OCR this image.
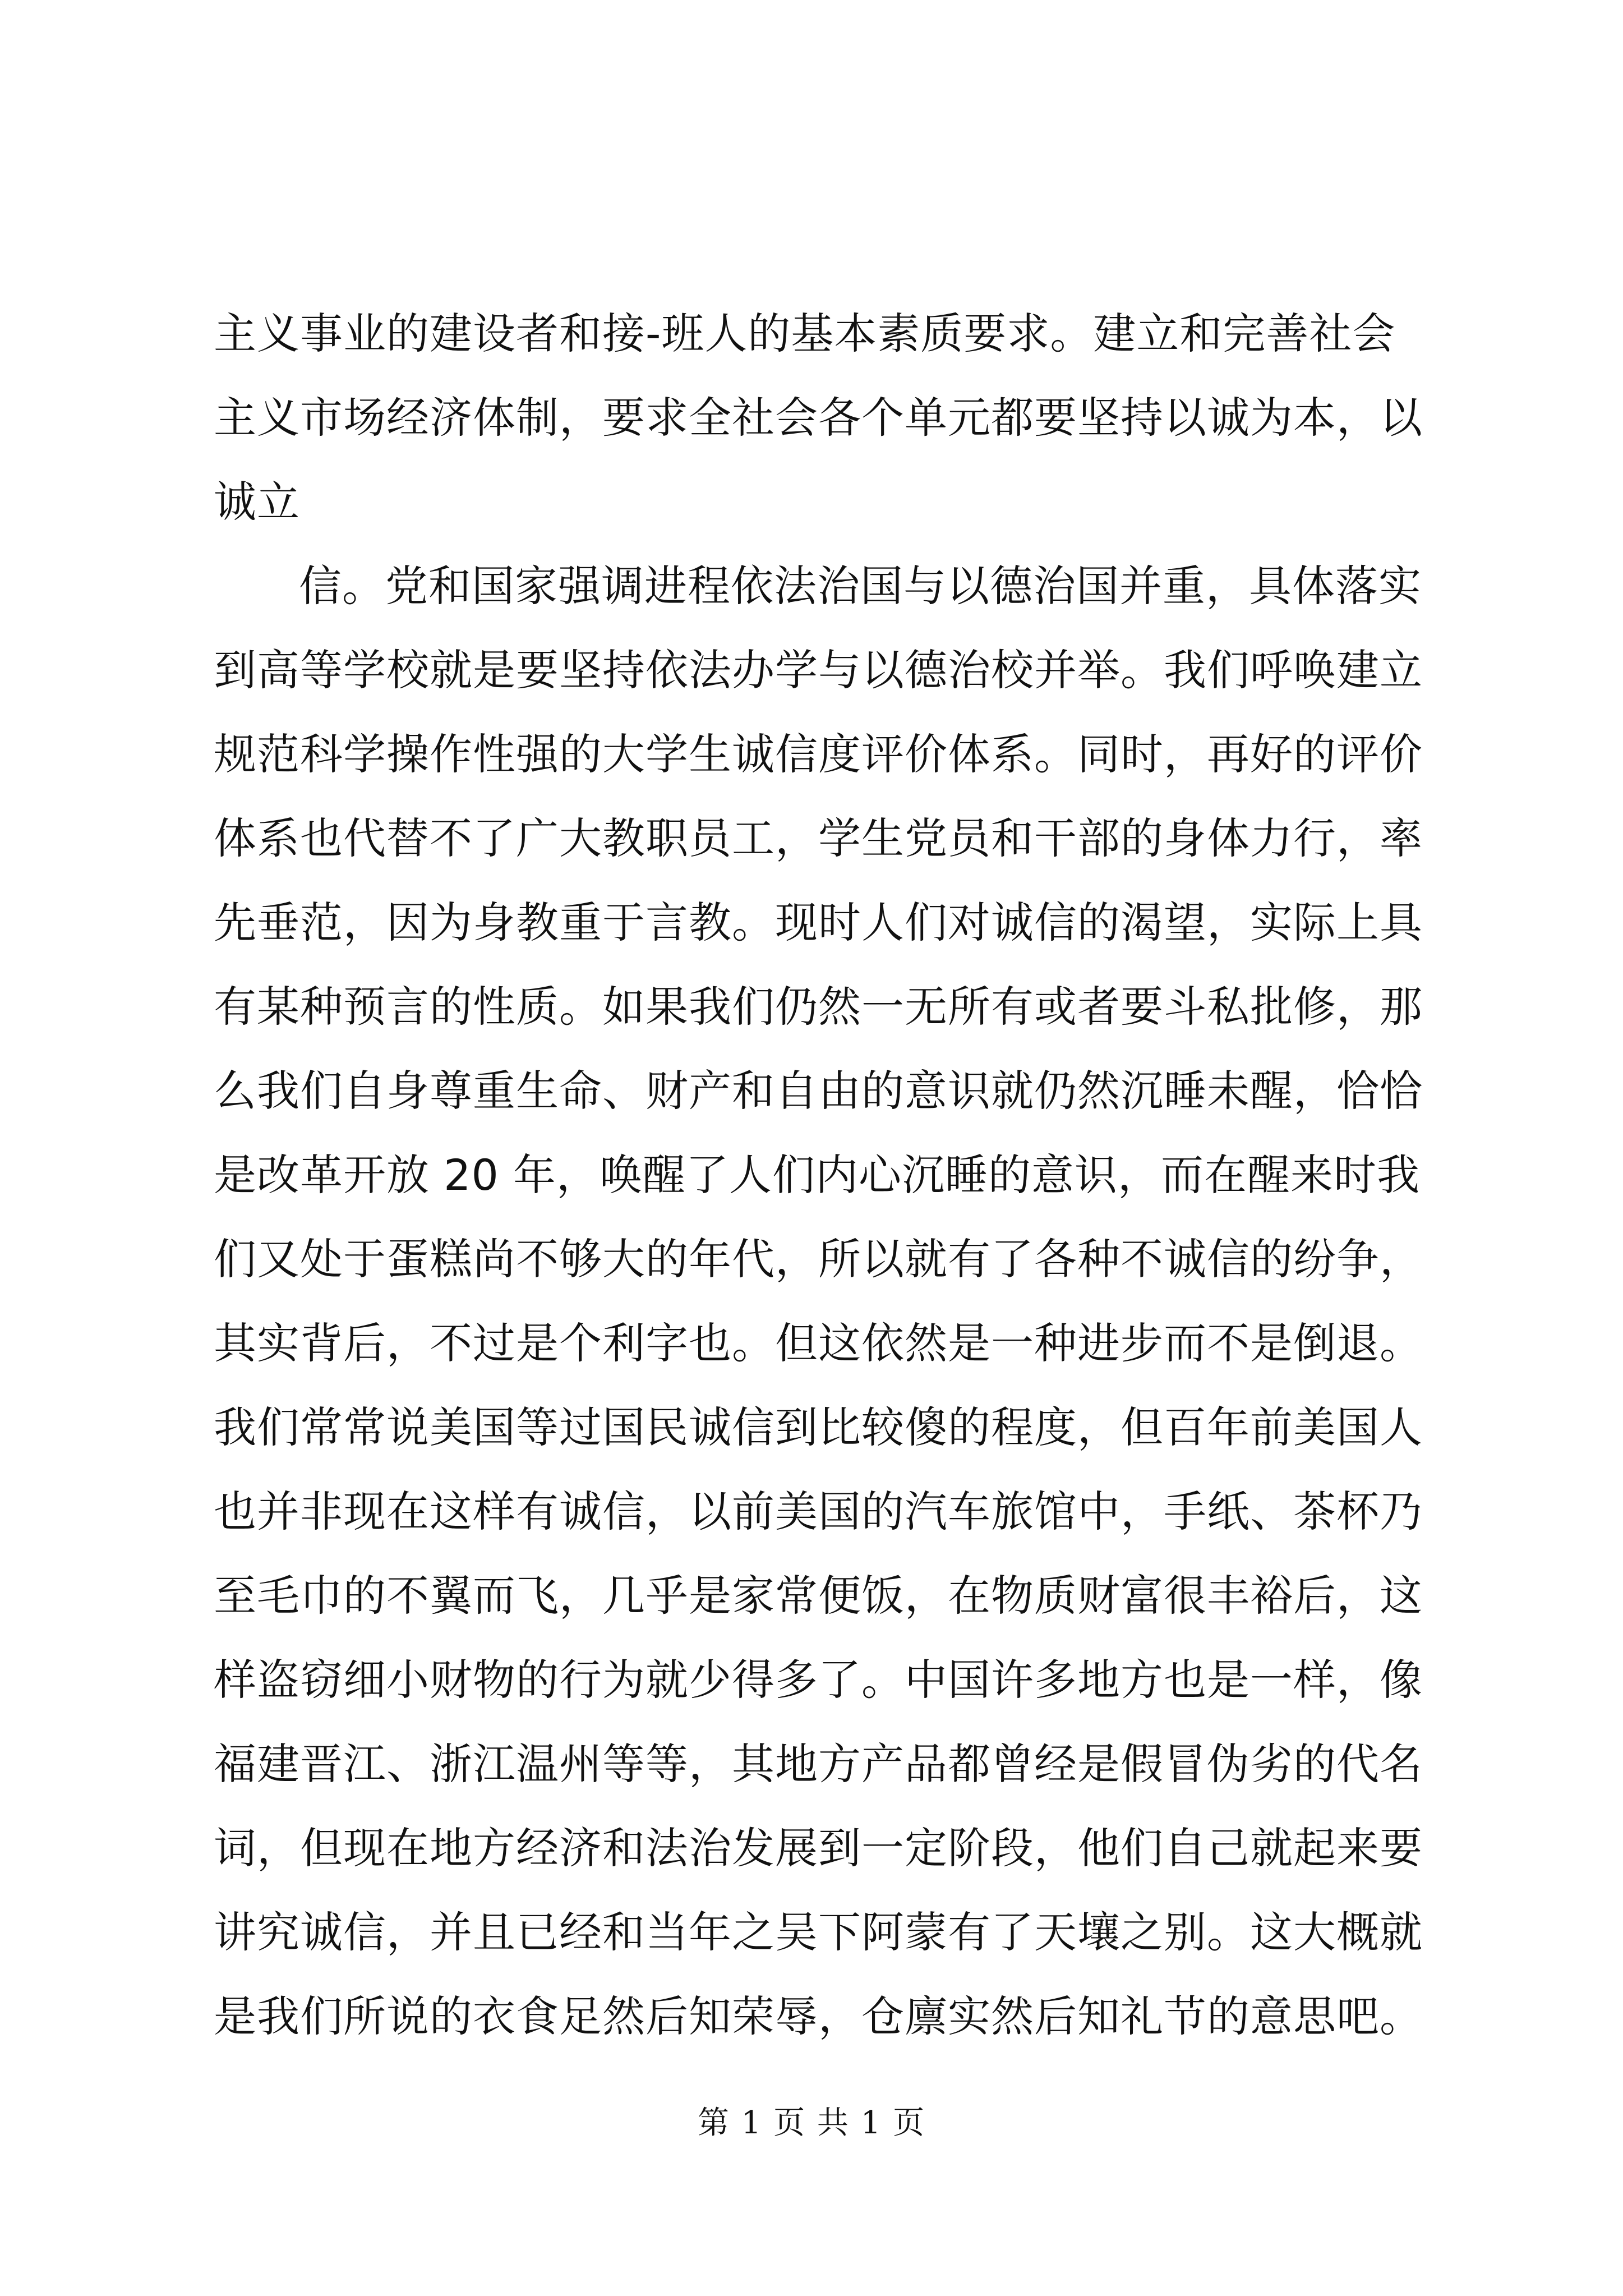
主义事业的建设者和接-班人的基本素质要求。建立和完善社会
主义市场经济体制，要求全社会各个单元都要坚持以诚为本，以
诚立
信。党和国家强调进程依法治国与以德治国并重，具体落实
到高等学校就是要坚持依法办学与以德治校并举。我们呼唤建立
规范科学操作性强的大学生诚信度评价体系。同时，再好的评价
体系也代替不了广大教职员工，学生党员和干部的身体力行，率
先垂范，因为身教重于言教。现时人们对诚信的渴望，实际上具
有某种预言的性质。如果我们仍然一无所有或者要斗私批修，那
么我们自身尊重生命、财产和自由的意识就仍然沉睡未醒，恰恰
是改革开放 20 年，唤醒了人们内心沉睡的意识，而在醒来时我
们又处于蛋糕尚不够大的年代，所以就有了各种不诚信的纷争，
其实背后，不过是个利字也。但这依然是一种进步而不是倒退。
我们常常说美国等过国民诚信到比较傻的程度，但百年前美国人
也并非现在这样有诚信，以前美国的汽车旅馆中，手纸、茶杯乃
至毛巾的不翼而飞，几乎是家常便饭，在物质财富很丰裕后，这
样盗窃细小财物的行为就少得多了。中国许多地方也是一样，像
福建晋江、浙江温州等等，其地方产品都曾经是假冒伪劣的代名
词，但现在地方经济和法治发展到一定阶段，他们自己就起来要
讲究诚信，并且已经和当年之吴下阿蒙有了天壤之别。这大概就
是我们所说的衣食足然后知荣辱，仓廪实然后知礼节的意思吧。
第 1 页 共 1 页
